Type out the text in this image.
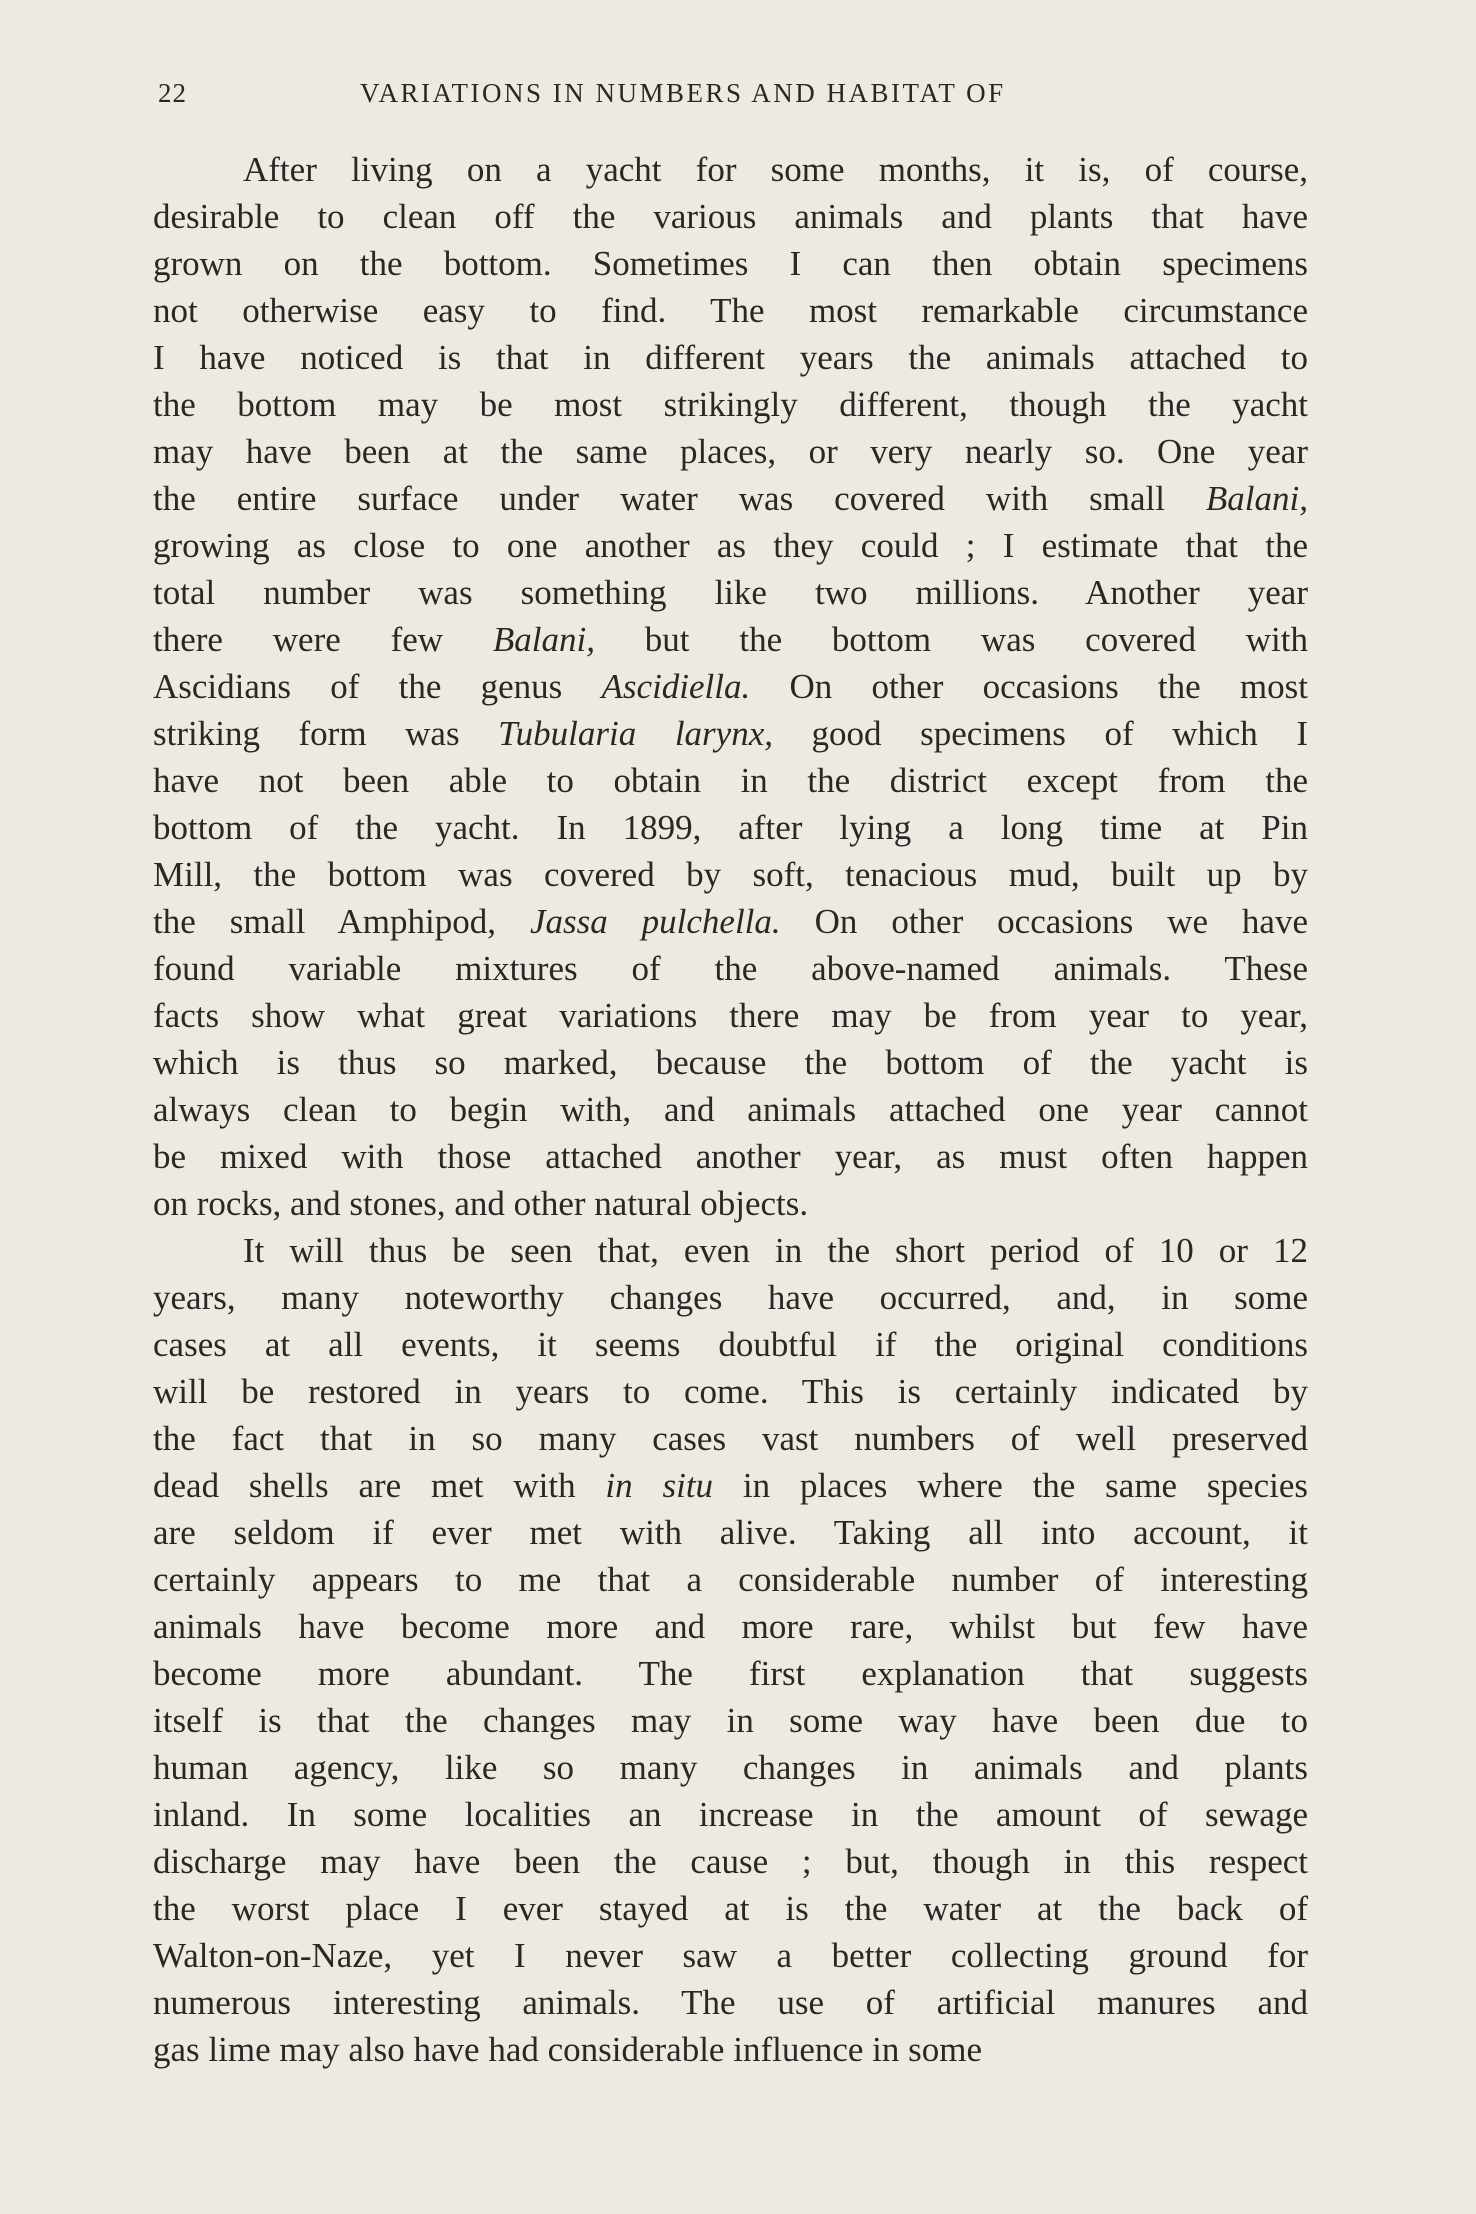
22	VARIATIONS IN NUMBERS AND HABITAT OF
After living on a yacht for some months, it is, of course,
desirable to clean off the various animals and plants that have
grown on the bottom. Sometimes I can then obtain specimens
not otherwise easy to find. The most remarkable circumstance
I have noticed is that in different years the animals attached to
the bottom may be most strikingly different, though the yacht
may have been at the same places, or very nearly so. One year
the entire surface under water was covered with small Balani,
growing as close to one another as they could ; I estimate that the
total number was something like two millions. Another year
there were few Balani, but the bottom was covered with
Ascidians of the genus Ascidiella. On other occasions the most
striking form was Tubularia larynx, good specimens of which I
have not been able to obtain in the district except from the
bottom of the yacht. In 1899, after lying a long time at Pin
Mill, the bottom was covered by soft, tenacious mud, built up by
the small Amphipod, Jassa pulchella. On other occasions we have
found variable mixtures of the above-named animals. These
facts show what great variations there may be from year to year,
which is thus so marked, because the bottom of the yacht is
always clean to begin with, and animals attached one year cannot
be mixed with those attached another year, as must often happen
on rocks, and stones, and other natural objects.
It will thus be seen that, even in the short period of 10 or 12
years, many noteworthy changes have occurred, and, in some
cases at all events, it seems doubtful if the original conditions
will be restored in years to come. This is certainly indicated by
the fact that in so many cases vast numbers of well preserved
dead shells are met with in situ in places where the same species
are seldom if ever met with alive. Taking all into account, it
certainly appears to me that a considerable number of interesting
animals have become more and more rare, whilst but few have
become more abundant. The first explanation that suggests
itself is that the changes may in some way have been due to
human agency, like so many changes in animals and plants
inland. In some localities an increase in the amount of sewage
discharge may have been the cause ; but, though in this respect
the worst place I ever stayed at is the water at the back of
Walton-on-Naze, yet I never saw a better collecting ground for
numerous interesting animals. The use of artificial manures and
gas lime may also have had considerable influence in some
